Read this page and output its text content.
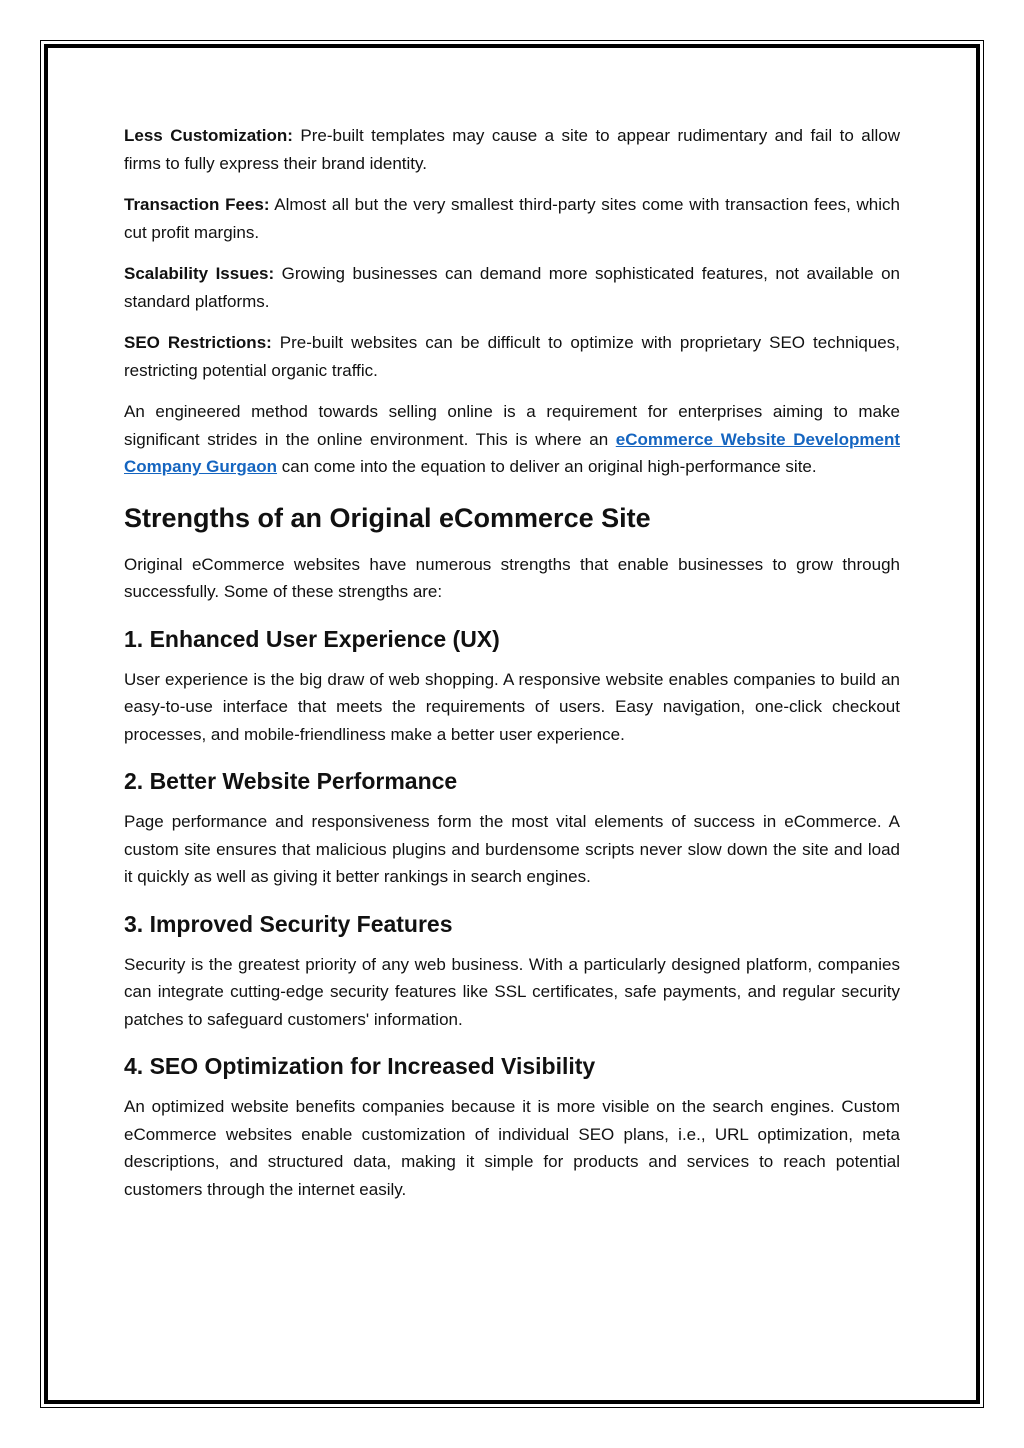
Less Customization: Pre-built templates may cause a site to appear rudimentary and fail to allow firms to fully express their brand identity.

Transaction Fees: Almost all but the very smallest third-party sites come with transaction fees, which cut profit margins.

Scalability Issues: Growing businesses can demand more sophisticated features, not available on standard platforms.

SEO Restrictions: Pre-built websites can be difficult to optimize with proprietary SEO techniques, restricting potential organic traffic.

An engineered method towards selling online is a requirement for enterprises aiming to make significant strides in the online environment. This is where an eCommerce Website Development Company Gurgaon can come into the equation to deliver an original high-performance site.

Strengths of an Original eCommerce Site

Original eCommerce websites have numerous strengths that enable businesses to grow through successfully. Some of these strengths are:

1. Enhanced User Experience (UX)

User experience is the big draw of web shopping. A responsive website enables companies to build an easy-to-use interface that meets the requirements of users. Easy navigation, one-click checkout processes, and mobile-friendliness make a better user experience.

2. Better Website Performance

Page performance and responsiveness form the most vital elements of success in eCommerce. A custom site ensures that malicious plugins and burdensome scripts never slow down the site and load it quickly as well as giving it better rankings in search engines.

3. Improved Security Features

Security is the greatest priority of any web business. With a particularly designed platform, companies can integrate cutting-edge security features like SSL certificates, safe payments, and regular security patches to safeguard customers' information.

4. SEO Optimization for Increased Visibility

An optimized website benefits companies because it is more visible on the search engines. Custom eCommerce websites enable customization of individual SEO plans, i.e., URL optimization, meta descriptions, and structured data, making it simple for products and services to reach potential customers through the internet easily.
